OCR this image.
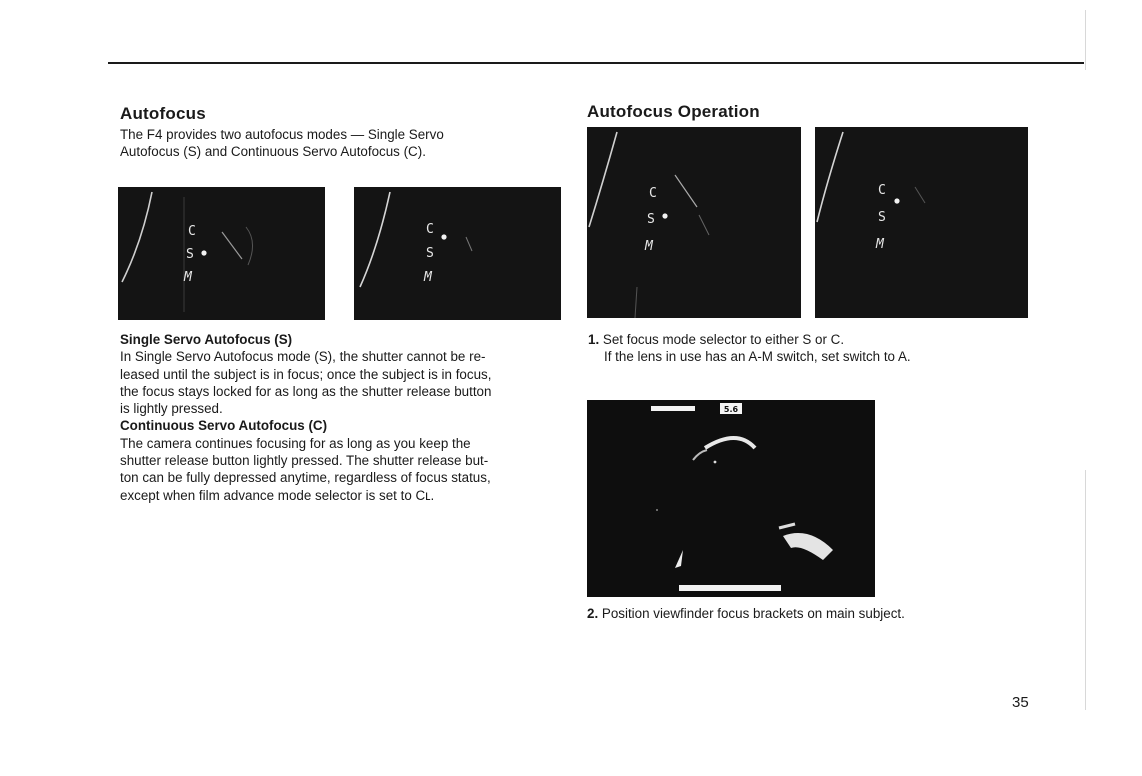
Autofocus
The F4 provides two autofocus modes — Single Servo
Autofocus (S) and Continuous Servo Autofocus (C).
C
S
M
C
S
M
Single Servo Autofocus (S)
In Single Servo Autofocus mode (S), the shutter cannot be re-
leased until the subject is in focus; once the subject is in focus,
the focus stays locked for as long as the shutter release button
is lightly pressed.
Continuous Servo Autofocus (C)
The camera continues focusing for as long as you keep the
shutter release button lightly pressed. The shutter release but-
ton can be fully depressed anytime, regardless of focus status,
except when film advance mode selector is set to Cʟ.
Autofocus Operation
C
S
M
C
S
M
1. Set focus mode selector to either S or C.
If the lens in use has an A-M switch, set switch to A.
5.6
2. Position viewfinder focus brackets on main subject.
35
